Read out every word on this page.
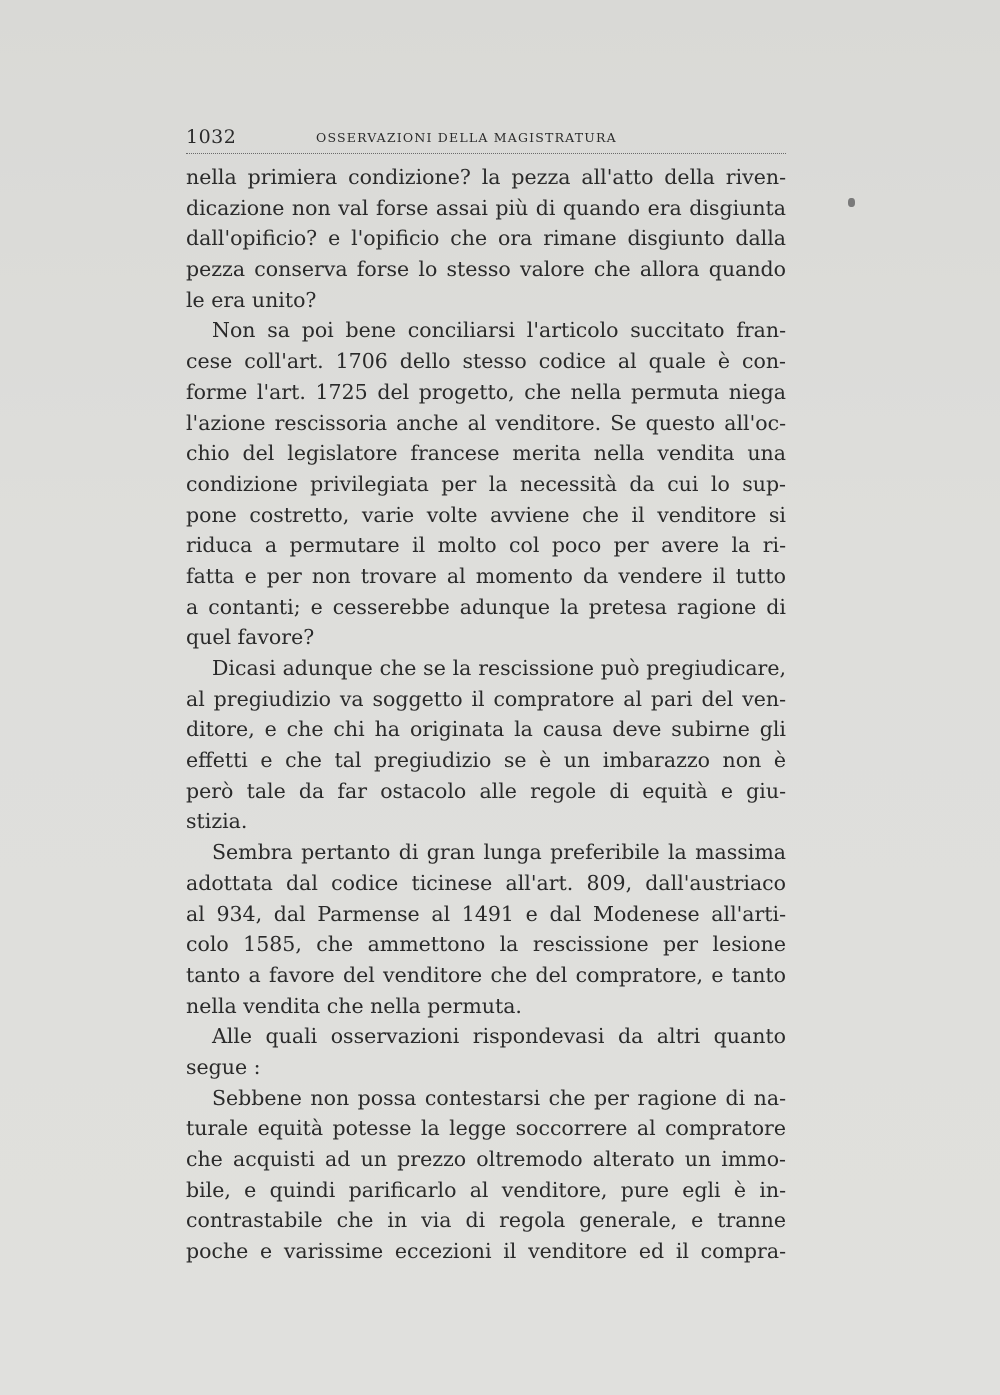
1032	OSSERVAZIONI DELLA MAGISTRATURA
nella primiera condizione? la pezza all'atto della riven-
dicazione non val forse assai più di quando era disgiunta
dall'opificio? e l'opificio che ora rimane disgiunto dalla
pezza conserva forse lo stesso valore che allora quando
le era unito?
Non sa poi bene conciliarsi l'articolo succitato fran-
cese coll'art. 1706 dello stesso codice al quale è con-
forme l'art. 1725 del progetto, che nella permuta niega
l'azione rescissoria anche al venditore. Se questo all'oc-
chio del legislatore francese merita nella vendita una
condizione privilegiata per la necessità da cui lo sup-
pone costretto, varie volte avviene che il venditore si
riduca a permutare il molto col poco per avere la ri-
fatta e per non trovare al momento da vendere il tutto
a contanti; e cesserebbe adunque la pretesa ragione di
quel favore?
Dicasi adunque che se la rescissione può pregiudicare,
al pregiudizio va soggetto il compratore al pari del ven-
ditore, e che chi ha originata la causa deve subirne gli
effetti e che tal pregiudizio se è un imbarazzo non è
però tale da far ostacolo alle regole di equità e giu-
stizia.
Sembra pertanto di gran lunga preferibile la massima
adottata dal codice ticinese all'art. 809, dall'austriaco
al 934, dal Parmense al 1491 e dal Modenese all'arti-
colo 1585, che ammettono la rescissione per lesione
tanto a favore del venditore che del compratore, e tanto
nella vendita che nella permuta.
Alle quali osservazioni rispondevasi da altri quanto
segue :
Sebbene non possa contestarsi che per ragione di na-
turale equità potesse la legge soccorrere al compratore
che acquisti ad un prezzo oltremodo alterato un immo-
bile, e quindi parificarlo al venditore, pure egli è in-
contrastabile che in via di regola generale, e tranne
poche e varissime eccezioni il venditore ed il compra-
